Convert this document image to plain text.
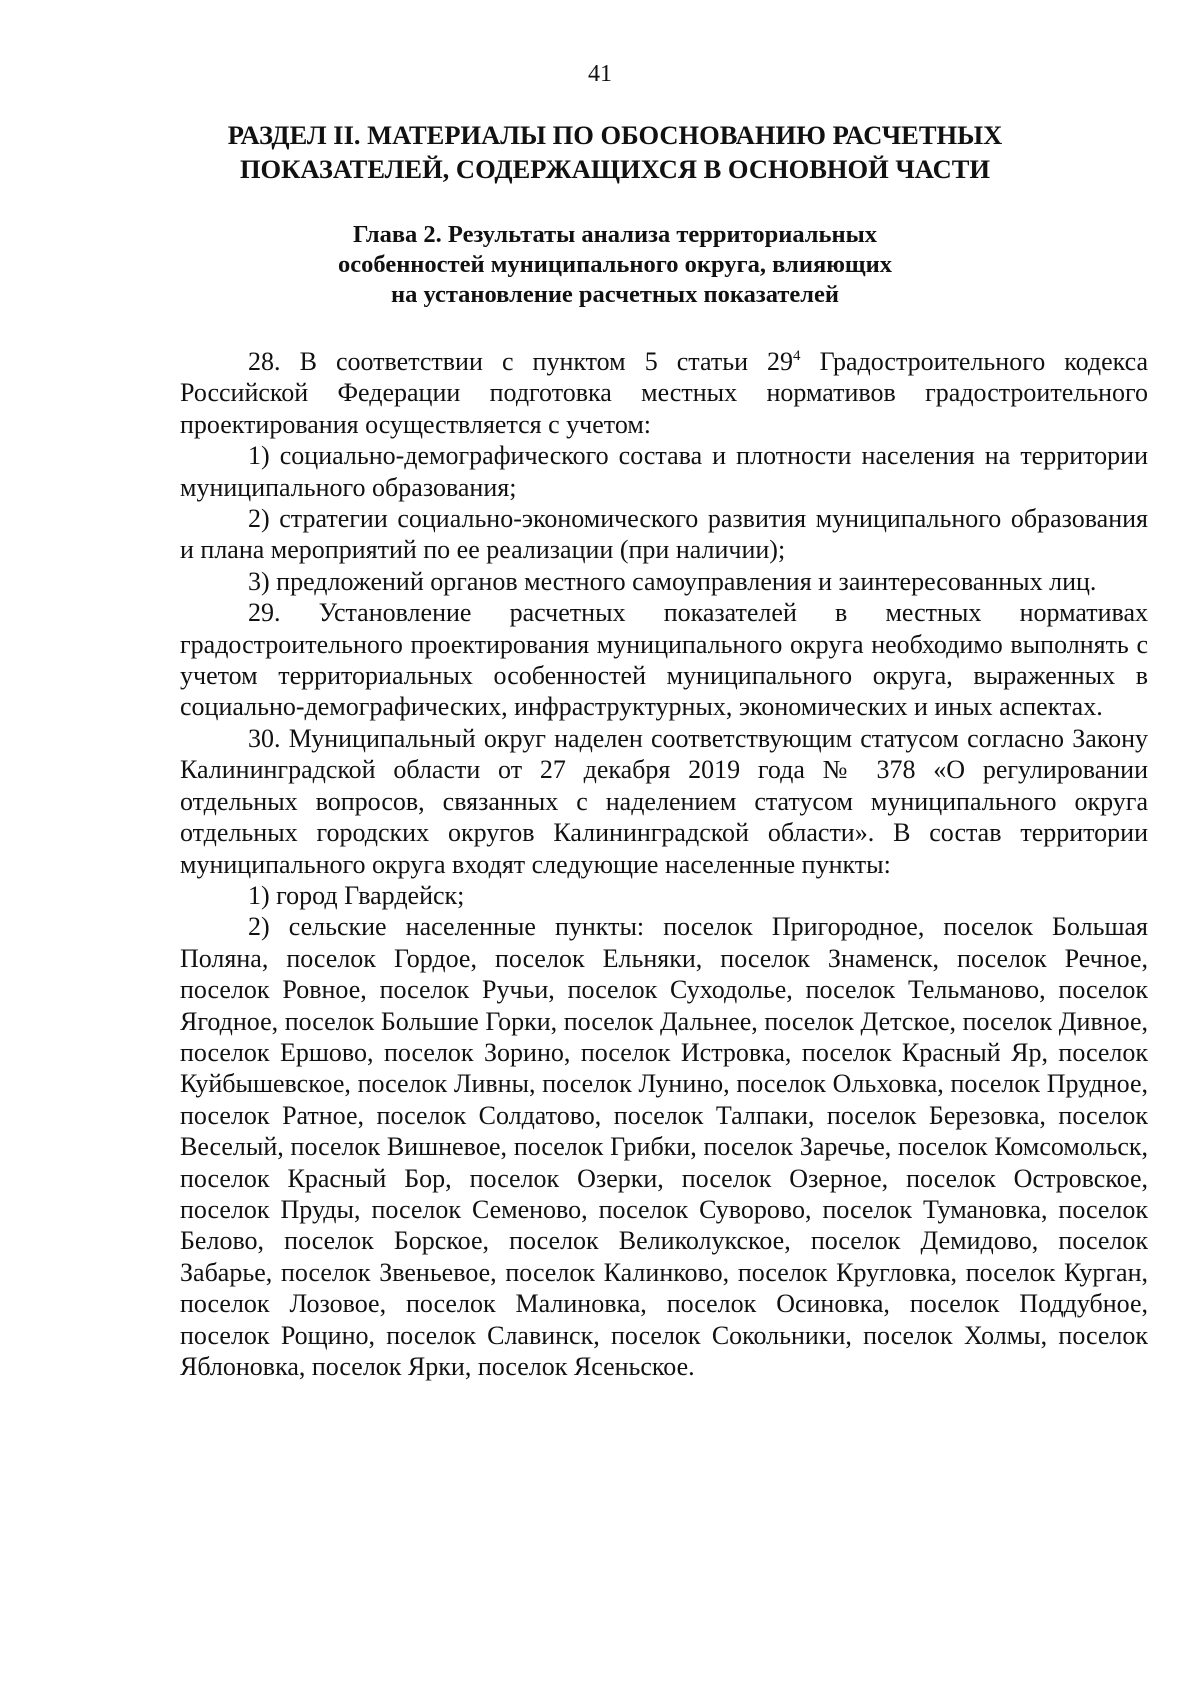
41
РАЗДЕЛ II. МАТЕРИАЛЫ ПО ОБОСНОВАНИЮ РАСЧЕТНЫХ
ПОКАЗАТЕЛЕЙ, СОДЕРЖАЩИХСЯ В ОСНОВНОЙ ЧАСТИ
Глава 2. Результаты анализа территориальных
особенностей муниципального округа, влияющих
на установление расчетных показателей

28. В соответствии с пунктом 5 статьи $29^4$ Градостроительного кодекса Российской Федерации подготовка местных нормативов градостроительного проектирования осуществляется с учетом:

1) социально-демографического состава и плотности населения на территории муниципального образования;

2) стратегии социально-экономического развития муниципального образования и плана мероприятий по ее реализации (при наличии);

3) предложений органов местного самоуправления и заинтересованных лиц.

29. Установление расчетных показателей в местных нормативах градостроительного проектирования муниципального округа необходимо выполнять с учетом территориальных особенностей муниципального округа, выраженных в социально-демографических, инфраструктурных, экономических и иных аспектах.

30. Муниципальный округ наделен соответствующим статусом согласно Закону Калининградской области от 27 декабря 2019 года № 378 «О регулировании отдельных вопросов, связанных с наделением статусом муниципального округа отдельных городских округов Калининградской области». В состав территории муниципального округа входят следующие населенные пункты:

1) город Гвардейск;

2) сельские населенные пункты: поселок Пригородное, поселок Большая Поляна, поселок Гордое, поселок Ельняки, поселок Знаменск, поселок Речное, поселок Ровное, поселок Ручьи, поселок Суходолье, поселок Тельманово, поселок Ягодное, поселок Большие Горки, поселок Дальнее, поселок Детское, поселок Дивное, поселок Ершово, поселок Зорино, поселок Истровка, поселок Красный Яр, поселок Куйбышевское, поселок Ливны, поселок Лунино, поселок Ольховка, поселок Прудное, поселок Ратное, поселок Солдатово, поселок Талпаки, поселок Березовка, поселок Веселый, поселок Вишневое, поселок Грибки, поселок Заречье, поселок Комсомольск, поселок Красный Бор, поселок Озерки, поселок Озерное, поселок Островское, поселок Пруды, поселок Семеново, поселок Суворово, поселок Тумановка, поселок Белово, поселок Борское, поселок Великолукское, поселок Демидово, поселок Забарье, поселок Звеньевое, поселок Калинково, поселок Кругловка, поселок Курган, поселок Лозовое, поселок Малиновка, поселок Осиновка, поселок Поддубное, поселок Рощино, поселок Славинск, поселок Сокольники, поселок Холмы, поселок Яблоновка, поселок Ярки, поселок Ясеньское.
